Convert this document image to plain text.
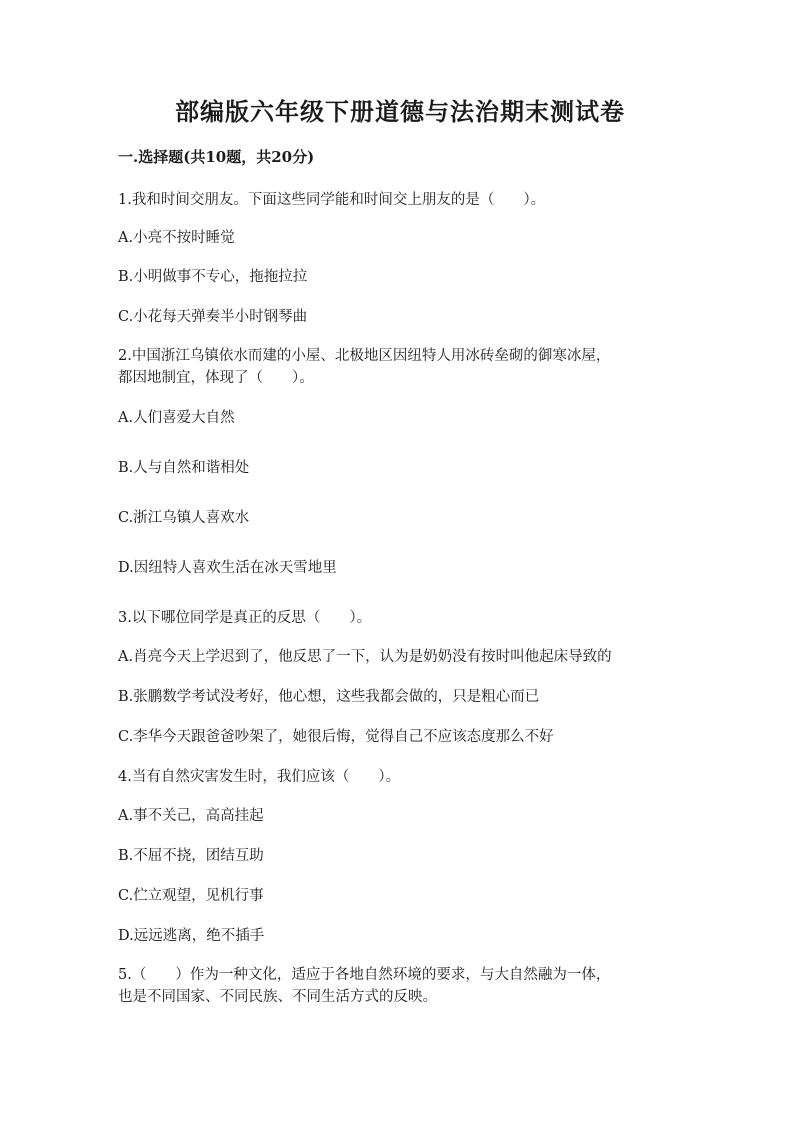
部编版六年级下册道德与法治期末测试卷
一.选择题(共10题，共20分)
1.我和时间交朋友。下面这些同学能和时间交上朋友的是（　　）。
A.小亮不按时睡觉
B.小明做事不专心，拖拖拉拉
C.小花每天弹奏半小时钢琴曲
2.中国浙江乌镇依水而建的小屋、北极地区因纽特人用冰砖垒砌的御寒冰屋，
都因地制宜，体现了（　　）。
A.人们喜爱大自然
B.人与自然和谐相处
C.浙江乌镇人喜欢水
D.因纽特人喜欢生活在冰天雪地里
3.以下哪位同学是真正的反思（　　）。
A.肖亮今天上学迟到了，他反思了一下，认为是奶奶没有按时叫他起床导致的
B.张鹏数学考试没考好，他心想，这些我都会做的，只是粗心而已
C.李华今天跟爸爸吵架了，她很后悔，觉得自己不应该态度那么不好
4.当有自然灾害发生时，我们应该（　　）。
A.事不关己，高高挂起
B.不屈不挠，团结互助
C.伫立观望，见机行事
D.远远逃离，绝不插手
5.（　　）作为一种文化，适应于各地自然环境的要求，与大自然融为一体，
也是不同国家、不同民族、不同生活方式的反映。
